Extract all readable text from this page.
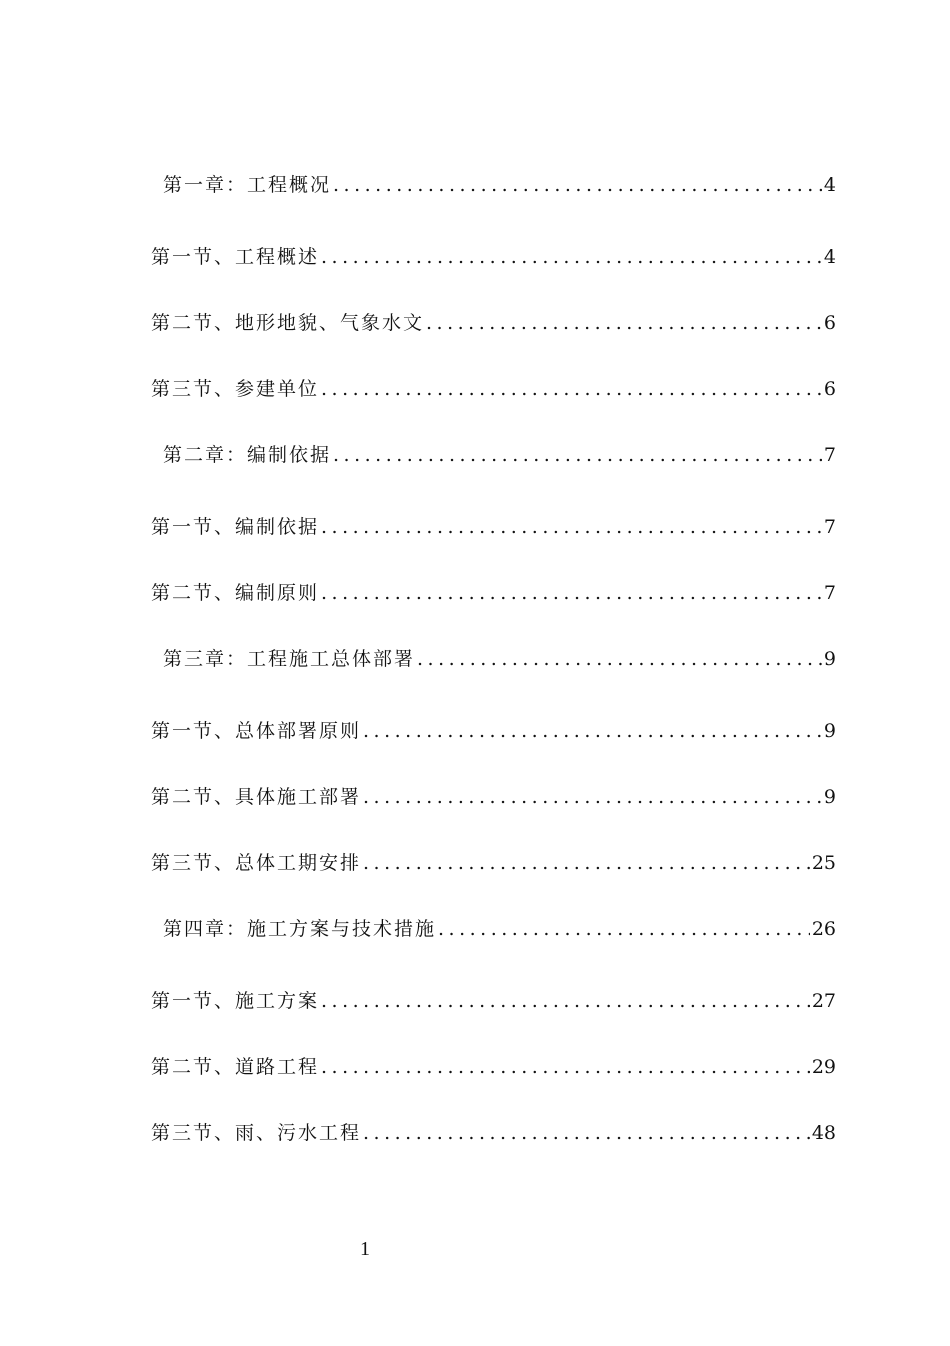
第一章：工程概况 .....	4
第一节、工程概述 .....	4
第二节、地形地貌、气象水文 .....	6
第三节、参建单位 .....	6
第二章：编制依据 .....	7
第一节、编制依据 .....	7
第二节、编制原则 .....	7
第三章：工程施工总体部署 .....	9
第一节、总体部署原则 .....	9
第二节、具体施工部署 .....	9
第三节、总体工期安排 .....	25
第四章：施工方案与技术措施 .....	26
第一节、施工方案 .....	27
第二节、道路工程 .....	29
第三节、雨、污水工程 .....	48
1
